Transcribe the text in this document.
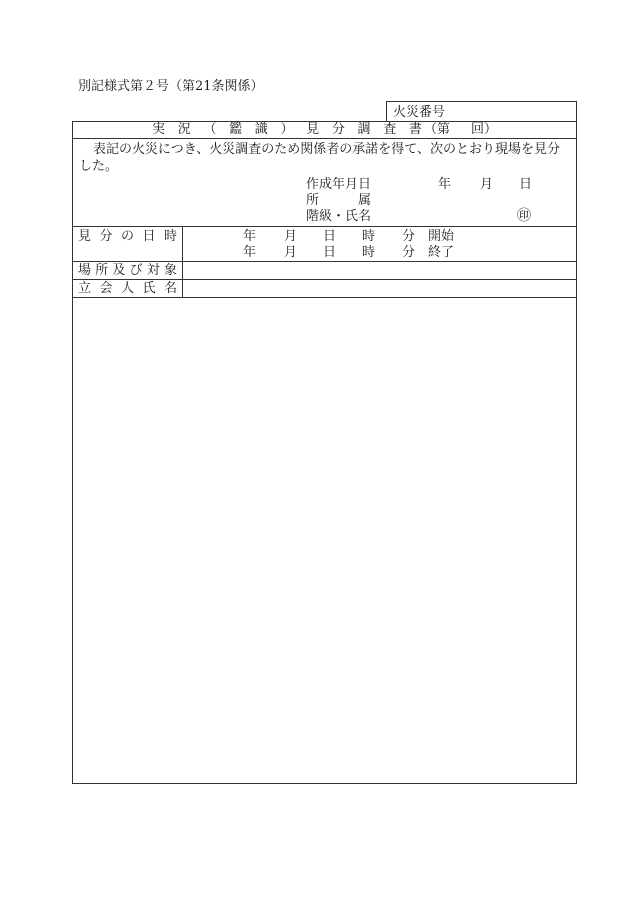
別記様式第２号（第21条関係）
火災番号
実 況 （ 鑑 識 ） 見 分 調 査 書 （第 回）
表記の火災につき、火災調査のため関係者の承諾を得て、次のとおり現場を見分
した。
作成年月日	年 月 日
所	属
階級・氏名	㊞
見 分 の 日 時	年 月 日 時 分 開始
年 月 日 時 分 終了
場 所 及 び 対 象
立 会 人 氏 名
